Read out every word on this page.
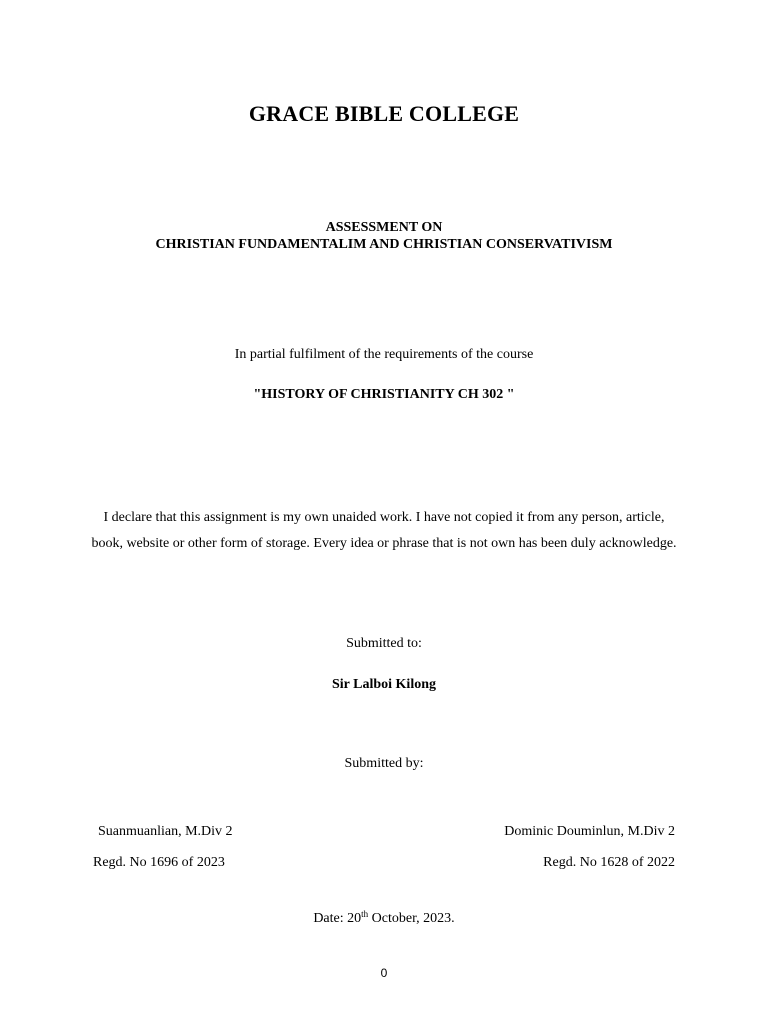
GRACE BIBLE COLLEGE
ASSESSMENT ON
CHRISTIAN FUNDAMENTALIM AND CHRISTIAN CONSERVATIVISM
In partial fulfilment of the requirements of the course
"HISTORY OF CHRISTIANITY CH 302 "
I declare that this assignment is my own unaided work. I have not copied it from any person, article, book, website or other form of storage. Every idea or phrase that is not own has been duly acknowledge.
Submitted to:
Sir Lalboi Kilong
Submitted by:
Suanmuanlian, M.Div 2
Regd. No 1696 of 2023
Dominic Douminlun, M.Div 2
Regd. No 1628 of 2022
Date: 20th October, 2023.
0
